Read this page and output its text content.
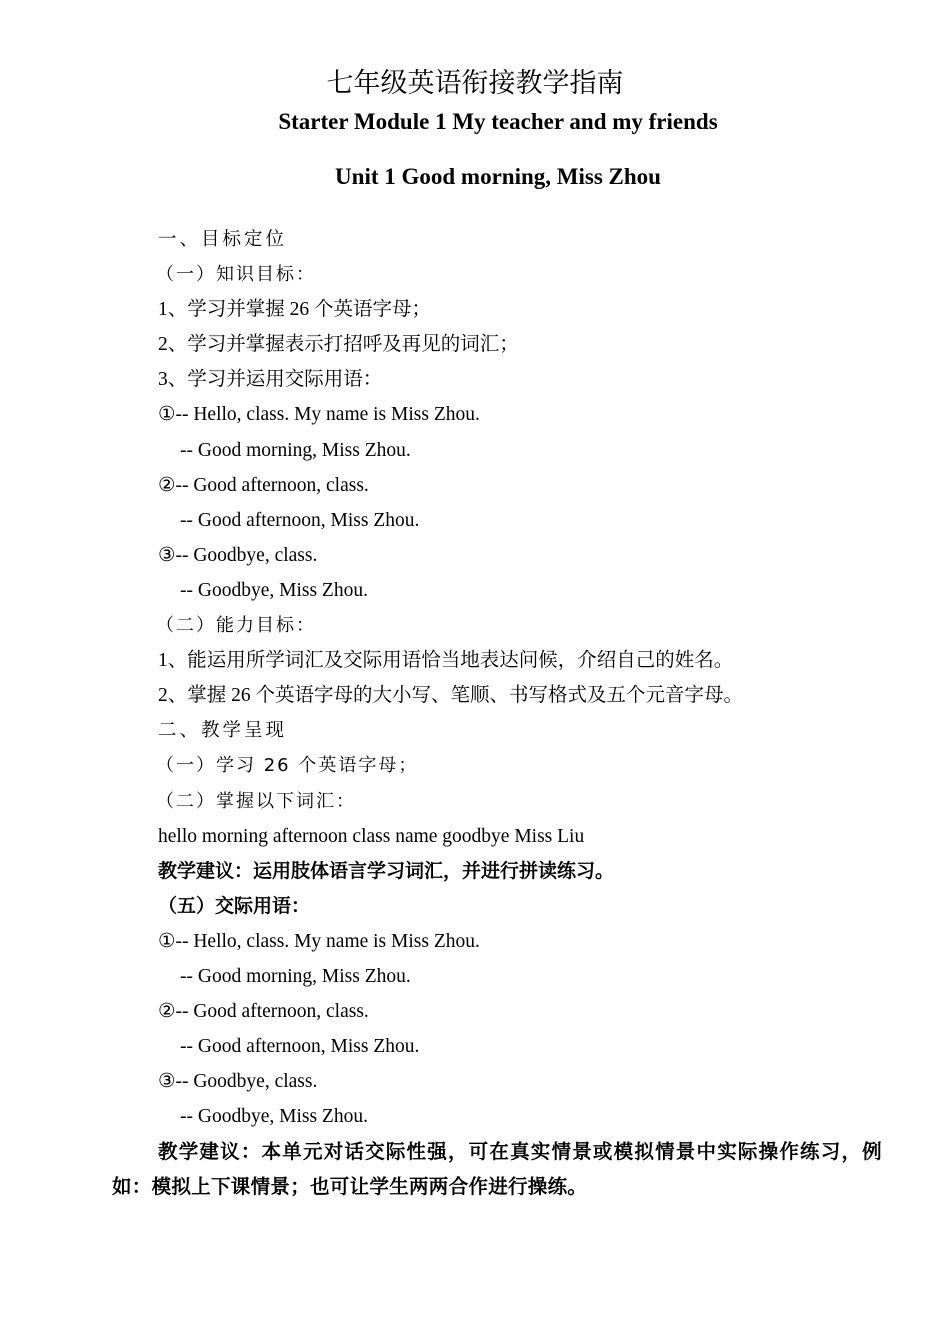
七年级英语衔接教学指南
Starter Module 1 My teacher and my friends
Unit 1 Good morning, Miss Zhou
一、目标定位
（一）知识目标：
1、学习并掌握 26 个英语字母；
2、学习并掌握表示打招呼及再见的词汇；
3、学习并运用交际用语：
①-- Hello, class. My name is Miss Zhou.
-- Good morning, Miss Zhou.
②-- Good afternoon, class.
-- Good afternoon, Miss Zhou.
③-- Goodbye, class.
-- Goodbye, Miss Zhou.
（二）能力目标：
1、能运用所学词汇及交际用语恰当地表达问候，介绍自己的姓名。
2、掌握 26 个英语字母的大小写、笔顺、书写格式及五个元音字母。
二、教学呈现
（一）学习 26 个英语字母；
（二）掌握以下词汇：
hello morning afternoon class name goodbye Miss Liu
教学建议：运用肢体语言学习词汇，并进行拼读练习。
（五）交际用语：
①-- Hello, class. My name is Miss Zhou.
-- Good morning, Miss Zhou.
②-- Good afternoon, class.
-- Good afternoon, Miss Zhou.
③-- Goodbye, class.
-- Goodbye, Miss Zhou.
教学建议：本单元对话交际性强，可在真实情景或模拟情景中实际操作练习，例如：模拟上下课情景；也可让学生两两合作进行操练。
